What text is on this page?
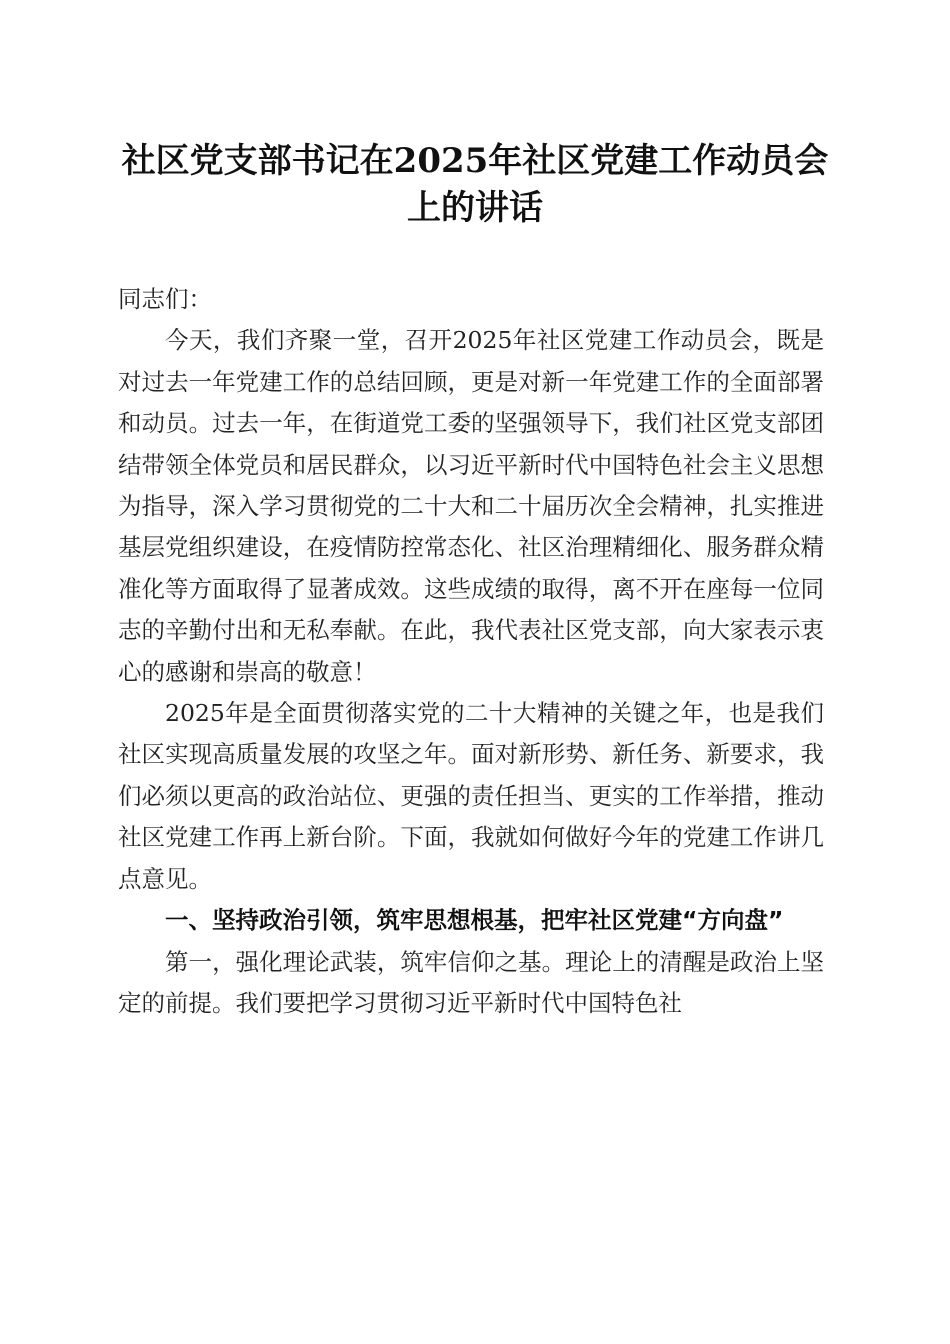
社区党支部书记在2025年社区党建工作动员会上的讲话

同志们：

今天，我们齐聚一堂，召开2025年社区党建工作动员会，既是对过去一年党建工作的总结回顾，更是对新一年党建工作的全面部署和动员。过去一年，在街道党工委的坚强领导下，我们社区党支部团结带领全体党员和居民群众，以习近平新时代中国特色社会主义思想为指导，深入学习贯彻党的二十大和二十届历次全会精神，扎实推进基层党组织建设，在疫情防控常态化、社区治理精细化、服务群众精准化等方面取得了显著成效。这些成绩的取得，离不开在座每一位同志的辛勤付出和无私奉献。在此，我代表社区党支部，向大家表示衷心的感谢和崇高的敬意！

2025年是全面贯彻落实党的二十大精神的关键之年，也是我们社区实现高质量发展的攻坚之年。面对新形势、新任务、新要求，我们必须以更高的政治站位、更强的责任担当、更实的工作举措，推动社区党建工作再上新台阶。下面，我就如何做好今年的党建工作讲几点意见。

一、坚持政治引领，筑牢思想根基，把牢社区党建“方向盘”

第一，强化理论武装，筑牢信仰之基。理论上的清醒是政治上坚定的前提。我们要把学习贯彻习近平新时代中国特色社
